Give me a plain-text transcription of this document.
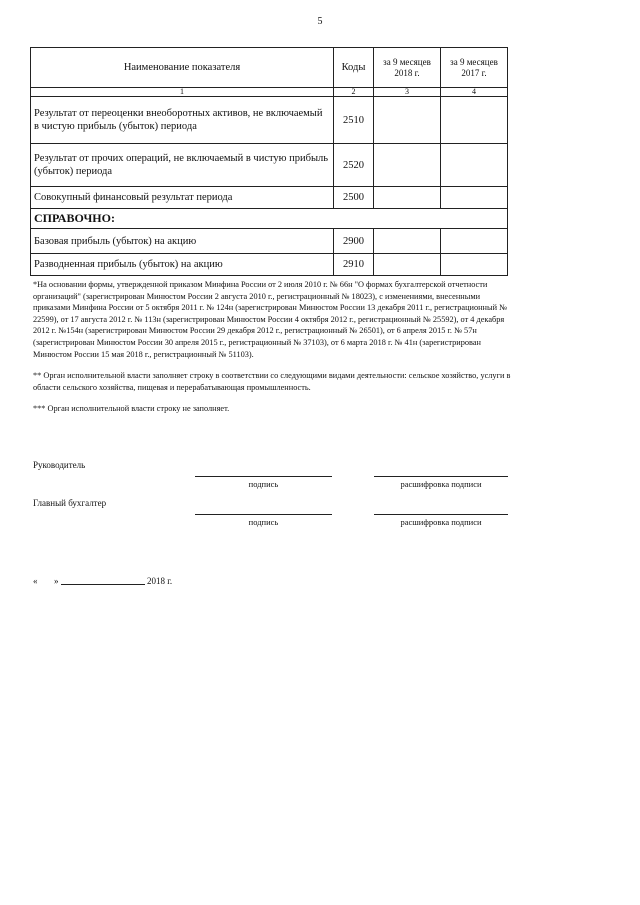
5
Наименование показателя	Коды	за 9 месяцев 2018 г.	за 9 месяцев 2017 г.
1	2	3	4
Результат от переоценки внеоборотных активов, не включаемый в чистую прибыль (убыток) периода	2510		
Результат от прочих операций, не включаемый в чистую прибыль (убыток) периода	2520		
Совокупный финансовый результат периода	2500		
СПРАВОЧНО:			
Базовая прибыль (убыток) на акцию	2900		
Разводненная прибыль (убыток) на акцию	2910		

*На основании формы, утвержденной приказом Минфина России от 2 июля 2010 г. № 66н "О формах бухгалтерской отчетности организаций" (зарегистрирован Минюстом России 2 августа 2010 г., регистрационный № 18023), с изменениями, внесенными приказами Минфина России от 5 октября 2011 г. № 124н (зарегистрирован Минюстом России 13 декабря 2011 г., регистрационный № 22599), от 17 августа 2012 г. № 113н (зарегистрирован Минюстом России 4 октября 2012 г., регистрационный № 25592), от 4 декабря 2012 г. №154н (зарегистрирован Минюстом России 29 декабря 2012 г., регистрационный № 26501), от 6 апреля 2015 г. № 57н (зарегистрирован Минюстом России 30 апреля 2015 г., регистрационный № 37103), от 6 марта 2018 г. № 41н (зарегистрирован Минюстом России 15 мая 2018 г., регистрационный № 51103).

** Орган исполнительной власти заполняет строку в соответствии со следующими видами деятельности: сельское хозяйство, услуги в области сельского хозяйства, пищевая и перерабатывающая промышленность.

*** Орган исполнительной власти строку не заполняет.

Руководитель
подпись	расшифровка подписи
Главный бухгалтер
подпись	расшифровка подписи
« »	2018 г.
